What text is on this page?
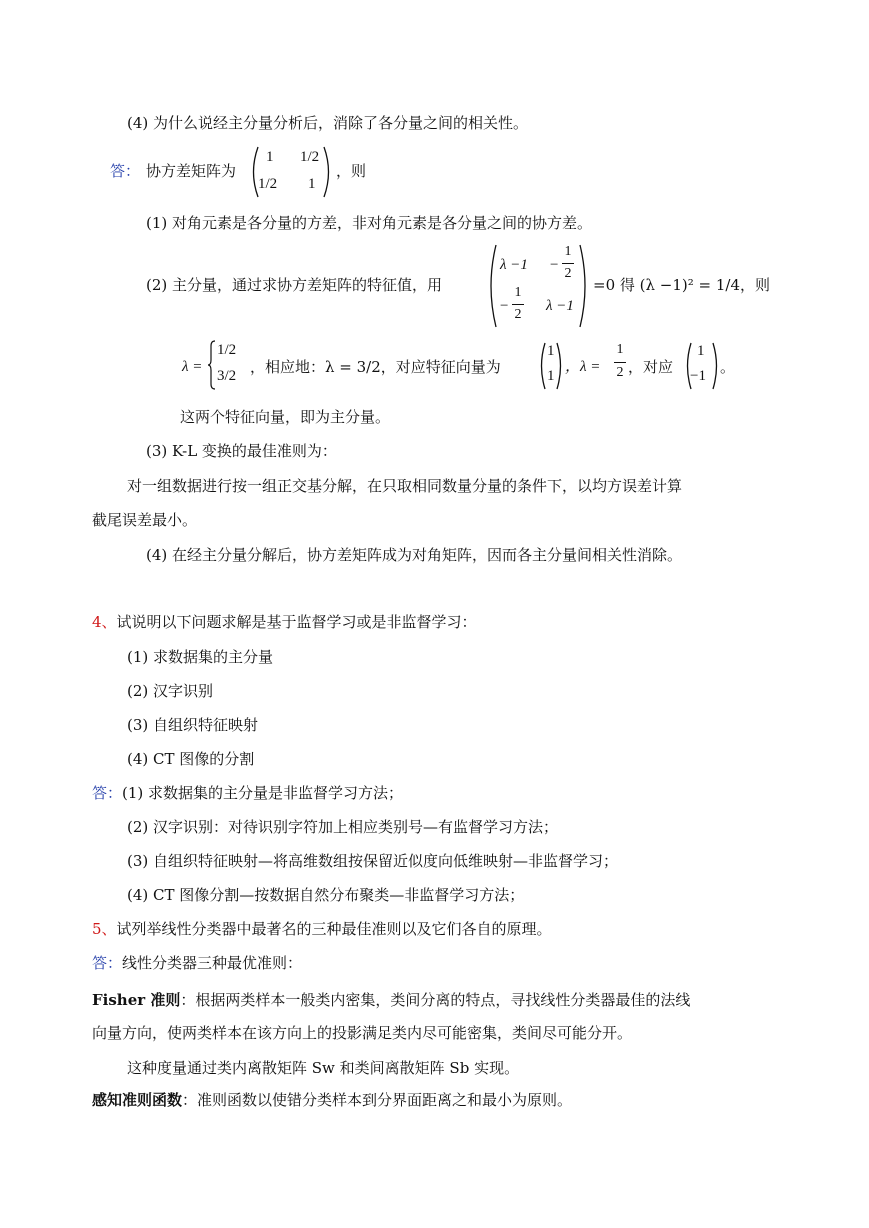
(4) 为什么说经主分量分析后，消除了各分量之间的相关性。
答： 协方差矩阵为
1 1/2
1/2 1
，则
(1) 对角元素是各分量的方差，非对角元素是各分量之间的协方差。
(2) 主分量，通过求协方差矩阵的特征值，用
λ −1 −
1
2
−
1
2
λ −1
=0 得 (λ −1)² = 1/4，则
λ =
1/2
3/2 ，相应地：λ = 3/2，对应特征向量为
1
1
，λ =
1
2 ，对应
1
−1 。
这两个特征向量，即为主分量。
(3) K-L 变换的最佳准则为：
对一组数据进行按一组正交基分解，在只取相同数量分量的条件下，以均方误差计算
截尾误差最小。
(4) 在经主分量分解后，协方差矩阵成为对角矩阵，因而各主分量间相关性消除。
4、试说明以下问题求解是基于监督学习或是非监督学习：
(1) 求数据集的主分量
(2) 汉字识别
(3) 自组织特征映射
(4) CT 图像的分割
答：(1) 求数据集的主分量是非监督学习方法；
(2) 汉字识别：对待识别字符加上相应类别号—有监督学习方法；
(3) 自组织特征映射—将高维数组按保留近似度向低维映射—非监督学习；
(4) CT 图像分割—按数据自然分布聚类—非监督学习方法；
5、试列举线性分类器中最著名的三种最佳准则以及它们各自的原理。
答：线性分类器三种最优准则：
Fisher 准则：根据两类样本一般类内密集，类间分离的特点，寻找线性分类器最佳的法线
向量方向，使两类样本在该方向上的投影满足类内尽可能密集，类间尽可能分开。
这种度量通过类内离散矩阵 Sw 和类间离散矩阵 Sb 实现。
感知准则函数：准则函数以使错分类样本到分界面距离之和最小为原则。
